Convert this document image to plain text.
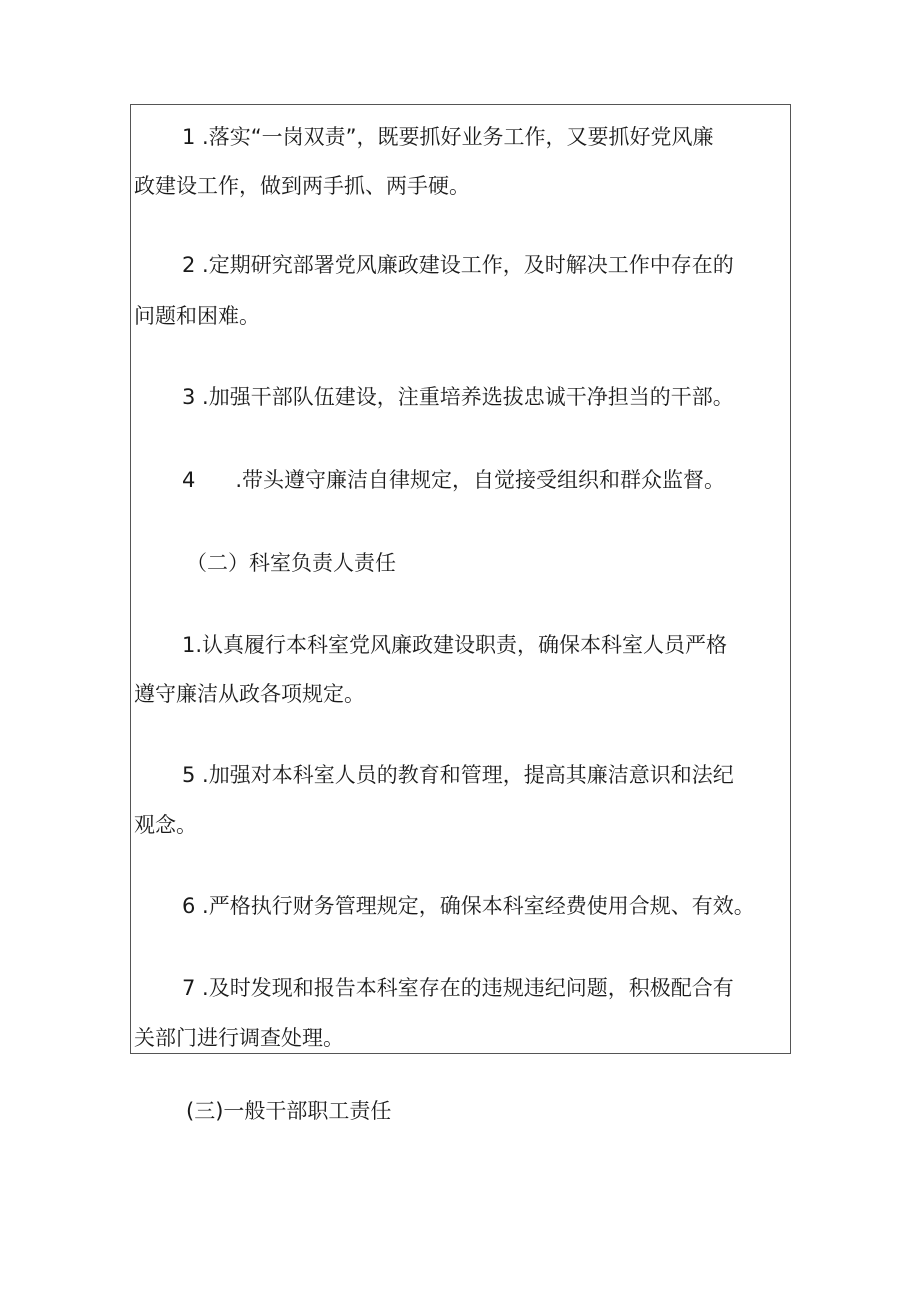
1 .落实“一岗双责”，既要抓好业务工作，又要抓好党风廉
政建设工作，做到两手抓、两手硬。
2 .定期研究部署党风廉政建设工作，及时解决工作中存在的
问题和困难。
3 .加强干部队伍建设，注重培养选拔忠诚干净担当的干部。
4 .带头遵守廉洁自律规定，自觉接受组织和群众监督。
（二）科室负责人责任
1.认真履行本科室党风廉政建设职责，确保本科室人员严格
遵守廉洁从政各项规定。
5 .加强对本科室人员的教育和管理，提高其廉洁意识和法纪
观念。
6 .严格执行财务管理规定，确保本科室经费使用合规、有效。
7 .及时发现和报告本科室存在的违规违纪问题，积极配合有
关部门进行调查处理。
(三)一般干部职工责任
